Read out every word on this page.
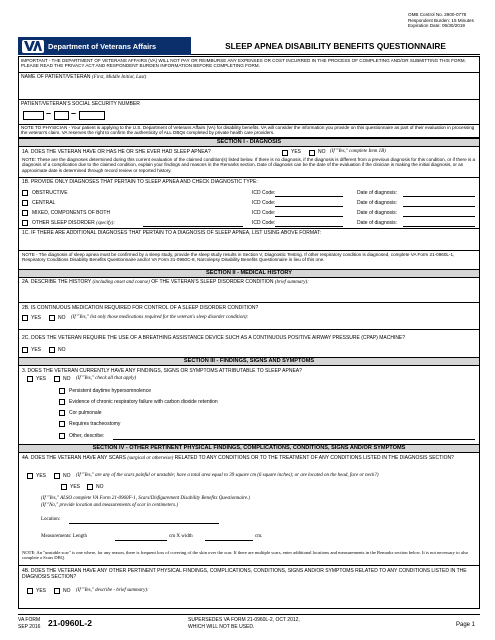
OMB Control No. 2900-0778
Respondent Burden: 15 Minutes
Expiration Date: 09/30/2019
Department of Veterans Affairs	SLEEP APNEA DISABILITY BENEFITS QUESTIONNAIRE
IMPORTANT - THE DEPARTMENT OF VETERANS AFFAIRS (VA) WILL NOT PAY OR REIMBURSE ANY EXPENSES OR COST INCURRED IN THE PROCESS OF COMPLETING AND/OR SUBMITTING THIS FORM. PLEASE READ THE PRIVACY ACT AND RESPONDENT BURDEN INFORMATION BEFORE COMPLETING FORM.
NAME OF PATIENT/VETERAN (First, Middle Initial, Last)
PATIENT/VETERAN'S SOCIAL SECURITY NUMBER
– –
NOTE TO PHYSICIAN - Your patient is applying to the U.S. Department of Veterans Affairs (VA) for disability benefits. VA will consider the information you provide on this questionnaire as part of their evaluation in processing the veteran's claim. VA reserves the right to confirm the authenticity of ALL DBQs completed by private health care providers.
SECTION I - DIAGNOSIS
1A. DOES THE VETERAN HAVE OR HAS HE OR SHE EVER HAD SLEEP APNEA?	YES	NO (If "Yes," complete Item 1B)
NOTE: These are the diagnoses determined during this current evaluation of the claimed condition(s) listed below. If there is no diagnosis, if the diagnosis is different from a previous diagnosis for this condition, or if there is a diagnosis of a complication due to the claimed condition, explain your findings and reasons in the Remarks section. Date of diagnosis can be the date of the evaluation if the clinician is making the initial diagnosis, or an approximate date is determined through record review or reported history.
1B. PROVIDE ONLY DIAGNOSES THAT PERTAIN TO SLEEP APNEA AND CHECK DIAGNOSTIC TYPE:
OBSTRUCTIVE	ICD Code:	Date of diagnosis:
CENTRAL	ICD Code:	Date of diagnosis:
MIXED, COMPONENTS OF BOTH	ICD Code:	Date of diagnosis:
OTHER SLEEP DISORDER (specify):	ICD Code:	Date of diagnosis:
1C. IF THERE ARE ADDITIONAL DIAGNOSES THAT PERTAIN TO A DIAGNOSIS OF SLEEP APNEA, LIST USING ABOVE FORMAT:
NOTE - The diagnosis of sleep apnea must be confirmed by a sleep study, provide the sleep study results in Section V, Diagnostic Testing. If other respiratory condition is diagnosed, complete VA Form 21-0960L-1, Respiratory Conditions Disability Benefits Questionnaire and/or VA Form 21-0960C-8, Narcolepsy Disability Benefits Questionnaire in lieu of this one.
SECTION II - MEDICAL HISTORY
2A. DESCRIBE THE HISTORY (including onset and course) OF THE VETERAN'S SLEEP DISORDER CONDITION (brief summary):
2B. IS CONTINUOUS MEDICATION REQUIRED FOR CONTROL OF A SLEEP DISORDER CONDITION?
YES	NO (If "Yes," list only those medications required for the veteran's sleep disorder condition):
2C. DOES THE VETERAN REQUIRE THE USE OF A BREATHING ASSISTANCE DEVICE SUCH AS A CONTINUOUS POSITIVE AIRWAY PRESSURE (CPAP) MACHINE?
YES	NO
SECTION III - FINDINGS, SIGNS AND SYMPTOMS
3. DOES THE VETERAN CURRENTLY HAVE ANY FINDINGS, SIGNS OR SYMPTOMS ATTRIBUTABLE TO SLEEP APNEA?
YES	NO (If "Yes," check all that apply)
Persistent daytime hypersomnolence
Evidence of chronic respiratory failure with carbon dioxide retention
Cor pulmonale
Requires tracheostomy
Other, describe:
SECTION IV - OTHER PERTINENT PHYSICAL FINDINGS, COMPLICATIONS, CONDITIONS, SIGNS AND/OR SYMPTOMS
4A. DOES THE VETERAN HAVE ANY SCARS (surgical or otherwise) RELATED TO ANY CONDITIONS OR TO THE TREATMENT OF ANY CONDITIONS LISTED IN THE DIAGNOSIS SECTION?
YES	NO (If "Yes," are any of the scars painful or unstable; have a total area equal to 39 square cm (6 square inches); or are located on the head, face or neck?)
YES	NO
(If "Yes," ALSO complete VA Form 21-0960F-1, Scars/Disfigurement Disability Benefits Questionnaire.)
(If "No," provide location and measurements of scar in centimeters.)
Location:
Measurements: Length	cm X width	cm.
NOTE: An "unstable scar" is one where, for any reason, there is frequent loss of covering of the skin over the scar. If there are multiple scars, enter additional locations and measurements in the Remarks section below. It is not necessary to also complete a Scars DBQ.
4B. DOES THE VETERAN HAVE ANY OTHER PERTINENT PHYSICAL FINDINGS, COMPLICATIONS, CONDITIONS, SIGNS AND/OR SYMPTOMS RELATED TO ANY CONDITIONS LISTED IN THE DIAGNOSIS SECTION?
YES	NO (If "Yes," describe - brief summary):
VA FORM
SEP 2016 21-0960L-2	SUPERSEDES VA FORM 21-0960L-2, OCT 2012,
WHICH WILL NOT BE USED.	Page 1
